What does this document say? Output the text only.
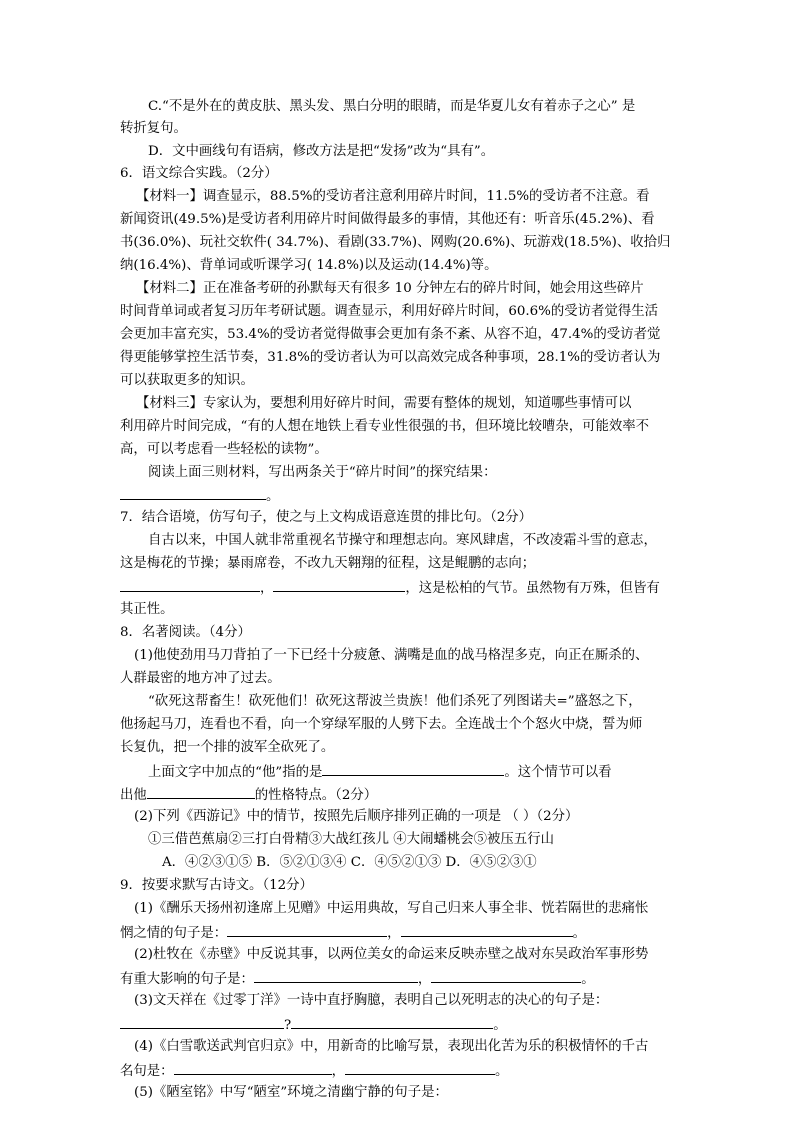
C.“不是外在的黄皮肤、黑头发、黑白分明的眼睛，而是华夏儿女有着赤子之心” 是
转折复句。
D．文中画线句有语病，修改方法是把“发扬”改为“具有”。
6．语文综合实践。（2分）
【材料一】调查显示，88.5%的受访者注意利用碎片时间，11.5%的受访者不注意。看
新闻资讯(49.5%)是受访者利用碎片时间做得最多的事情，其他还有：听音乐(45.2%)、看
书(36.0%)、玩社交软件( 34.7%)、看剧(33.7%)、网购(20.6%)、玩游戏(18.5%)、收拾归
纳(16.4%)、背单词或听课学习( 14.8%)以及运动(14.4%)等。
【材料二】正在准备考研的孙默每天有很多 10 分钟左右的碎片时间，她会用这些碎片
时间背单词或者复习历年考研试题。调查显示，利用好碎片时间，60.6%的受访者觉得生活
会更加丰富充实，53.4%的受访者觉得做事会更加有条不紊、从容不迫，47.4%的受访者觉
得更能够掌控生活节奏，31.8%的受访者认为可以高效完成各种事项，28.1%的受访者认为
可以获取更多的知识。
【材料三】专家认为，要想利用好碎片时间，需要有整体的规划，知道哪些事情可以
利用碎片时间完成，“有的人想在地铁上看专业性很强的书，但环境比较嘈杂，可能效率不
高，可以考虑看一些轻松的读物”。
阅读上面三则材料，写出两条关于“碎片时间”的探究结果：
。
7．结合语境，仿写句子，使之与上文构成语意连贯的排比句。（2分）
自古以来，中国人就非常重视名节操守和理想志向。寒风肆虐，不改凌霜斗雪的意志，
这是梅花的节操；暴雨席卷，不改九天翱翔的征程，这是鲲鹏的志向；
，	，这是松柏的气节。虽然物有万殊，但皆有
其正性。
8．名著阅读。（4分）
(1)他使劲用马刀背拍了一下已经十分疲惫、满嘴是血的战马格涅多克，向正在厮杀的、
人群最密的地方冲了过去。
“砍死这帮畜生！砍死他们！砍死这帮波兰贵族！他们杀死了列图诺夫=”盛怒之下，
他扬起马刀，连看也不看，向一个穿绿军服的人劈下去。全连战士个个怒火中烧，誓为师
长复仇，把一个排的波军全砍死了。
上面文字中加点的“他”指的是	。这个情节可以看
出他	的性格特点。（2分）
(2)下列《西游记》中的情节，按照先后顺序排列正确的一项是 （ ）（2分）
①三借芭蕉扇②三打白骨精③大战红孩儿 ④大闹蟠桃会⑤被压五行山
A．④②③①⑤ B．⑤②①③④ C．④⑤②①③ D．④⑤②③①
9．按要求默写古诗文。（12分）
(1)《酬乐天扬州初逢席上见赠》中运用典故，写自己归来人事全非、恍若隔世的悲痛怅
惘之情的句子是：	，	。
(2)杜牧在《赤壁》中反说其事，以两位美女的命运来反映赤壁之战对东吴政治军事形势
有重大影响的句子是：	，	。
(3)文天祥在《过零丁洋》一诗中直抒胸臆，表明自己以死明志的决心的句子是：
?	。
(4)《白雪歌送武判官归京》中，用新奇的比喻写景，表现出化苦为乐的积极情怀的千古
名句是：	，	。
(5)《陋室铭》中写“陋室”环境之清幽宁静的句子是：
